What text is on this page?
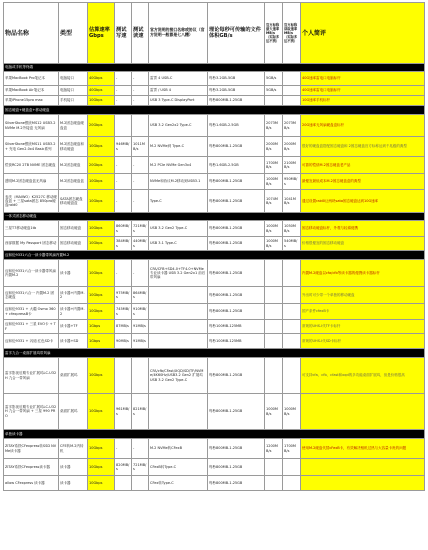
物品名称	类型	估算速率Gbps	测试写速	测试读速	官方说明的接口名称或协议（官方说明一般都是七八糟）	理论每秒可传输的文件体积GB/s	官方标称最大速率MB/s（实际多达不到）	官方标称读取速率MB/s（实际多达不到）	个人简评
电脑或手机等终端									
苹果MacBook Pro笔记本	电脑接口	40Gbps	-	-	雷雳 4 USB-C	每秒3.2GB-5GB	5GB/s		40G速率雷电口电脑标杆
苹果MacBook Air笔记本	电脑接口	40Gbps	-	-	雷雳 / USB 4	每秒3.2GB-5GB	5GB/s		40G速率雷电口电脑标杆
苹果iPhone15pro max	手机接口	10Gbps	-	-	USB 3 Type-C DisplayPort	每秒800MB-1.25GB			10G速率手机标杆
固态硬盘+硬盘盒+移动硬盘									
SilverStone银欣MS12 USB3.2 NVMe M.2外接盒 无风扇	M.2固态硬盘硬盘盒	20Gbps			USB 3.2 Gen2x2 Type-C	每秒1.6GB-2.5GB	2073MB/s	2073MB/s	20G速率无风扇硬盘盒标杆
SilverStone银欣MS11 USB3.2 + 充电 Gen2.0x4 Basic系列	M.2固态硬盘和移动硬盘	10Gbps	946MB/s	1011MB/s	M.2 NVMe到 Type-C	每秒800MB-1.25GB	2000MB/s	2000MB/s	很好的硬盘盒搭配固态硬盘和 2固态硬盘官方标称达到千兆级的典型
铠侠RC20 2TB NVME 固态硬盘	M.2固态硬盘	20Gbps	-	-	M.2 PCIe NVMe Gen3x4	每秒1.6GB-2.5GB	1700MB/s	2100MB/s	可靠的铠侠M.2固态硬盘老产品
透明M.2固态硬盘盒无风扇	M.2固态硬盘盒	10Gbps	-	-	NVMe和协议M.2移动到USB3.1	每秒800MB-1.25GB	1000MB/s	950MB/s	最便宜最低成本M.2固态硬盘盒的典型
麦沃（MAIWO）K2527C 移动硬盘盒 + 三星sata固态 850pro硬盘raid0	SATA固态硬盘移动硬盘盒	10Gbps	-	-	Type-C	每秒800MB-1.25GB	1074MB/s	1041MB/s	通过设置raid0让两块sata固态硬盘达到10G速率
一体式固态移动硬盘									
三星T7移动硬盘1tb	固态移动硬盘	10Gbps	860MB/s	721MB/s	USB 3.2 Gen2 Type-C	每秒800MB-1.25GB	1000MB/s	1050MB/s	固态移动硬盘标杆，外观与轻薄便携
西部数据 My Passport 固态移动	固态移动硬盘	10Gbps	384MB/s	440MB/s	USB 3.1 Type-C	每秒800MB-1.25GB	1000MB/s	540MB/s	价格很便宜的固态移动硬盘
迈和伦9331六合一读卡器带风扇内置M.2									
迈和伦9331六合一读卡器带风扇内置M.2	读卡器	10Gbps	-	-	CFA/CFB+SD4.0+TF4.0+NVMe专业读卡器 USB 3.2 Gen2x1 前后带风扇	每秒800MB-1.25GB			内置M.2硬盘以cfa/cfb等读卡器的便携读卡器标杆
迈和伦9331六合一 内置M.2 固态硬盘	读卡器+内置M.2	10Gbps	975MB/s	864MB/s		每秒800MB-1.25GB			外出时可少带一个单独的移动硬盘
迈和伦9331 + 大疆 Osmo 360 + cfexpressB卡	读卡器+内置M.2	10Gbps	745MB/s	910MB/s		每秒800MB-1.25GB			国产条件cfexB卡
迈和伦9331 + 三星 EVO卡 + TF	读卡器+TF	1Gbps	87MB/s	91MB/s		每秒100MB-125MB			常规的UHS-I代TF卡标杆
迈和伦9331 + 闪迪 红色SD卡	读卡器+SD	1Gbps	90MB/s	91MB/s		每秒100MB-125MB			常规的UHS-I代SD卡标杆
雷孚九合一桌面扩展坞带风扇									
雷孚影视后期专业扩展坞LC-U32H 九合一带风扇	桌面扩展坞	10Gbps			CFA/cfb/CFast/XQD/SD/TF/NVMe/4K60Hz/USB3.2 Gen2 扩展坞 USB 3.2 Gen2 Type-C	每秒800MB-1.25GB			可支持cfa、cfb、cfast和xqd的多功能桌面扩展坞，但是价格很高
雷孚影视后期专业扩展坞LC-U32H 九合一带风扇 + 三星 990 PRO	桌面扩展坞	10Gbps	961MB/s	821MB/s		每秒800MB-1.25GB	1000MB/s	1000MB/s	
单独读卡器									
ZITAY希铁CFexpress转SSD NVMe读卡器	CFE转M.2内转机	10Gbps	-	-	M.2 NVMe转CFexB	每秒800MB-1.25GB	1200MB/s	1700MB/s	使用M.2硬盘代替cFexB卡，有效解决相机过热与大容量卡贵的问题
ZITAY希铁CFexpress读卡器	读卡器	10Gbps	820MB/s	721MB/s	CFexB转Type-C	每秒800MB-1.25GB			
allow CFexpress 读卡器	读卡器	10Gbps			CFex转Type-C	每秒800MB-1.25GB			
